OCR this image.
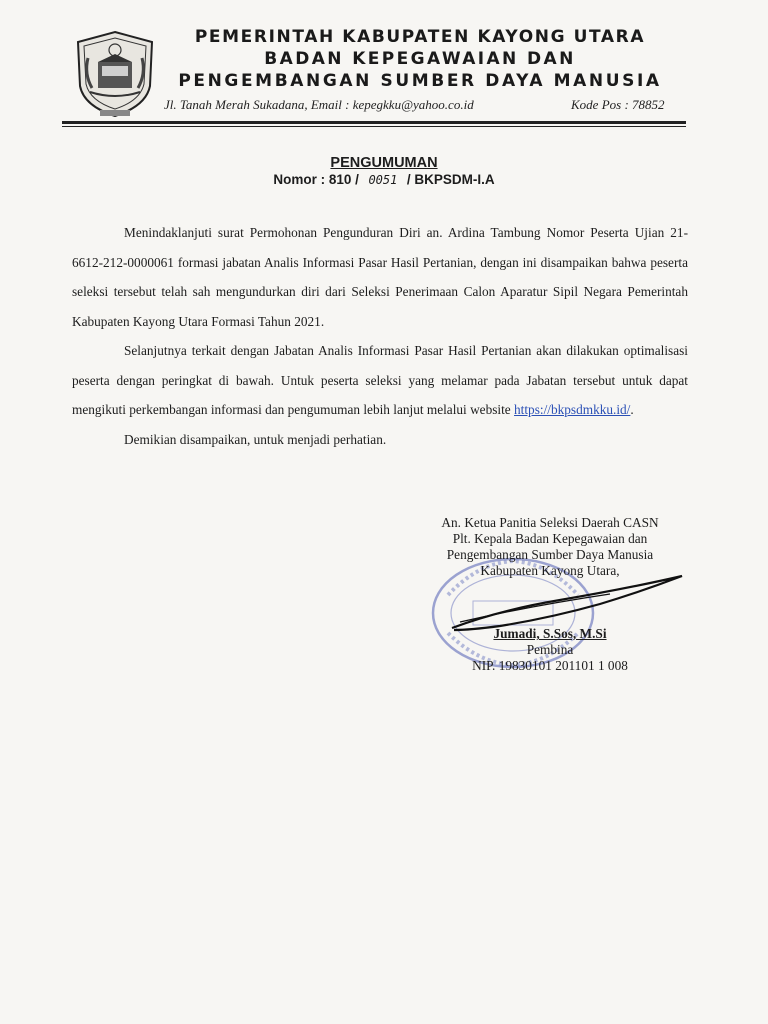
PEMERINTAH KABUPATEN KAYONG UTARA
BADAN KEPEGAWAIAN DAN
PENGEMBANGAN SUMBER DAYA MANUSIA
Jl. Tanah Merah Sukadana, Email : kepegkku@yahoo.co.id	Kode Pos : 78852
PENGUMUMAN
Nomor : 810 / 0051 / BKPSDM-I.A

Menindaklanjuti surat Permohonan Pengunduran Diri an. Ardina Tambung Nomor Peserta Ujian 21-6612-212-0000061 formasi jabatan Analis Informasi Pasar Hasil Pertanian, dengan ini disampaikan bahwa peserta seleksi tersebut telah sah mengundurkan diri dari Seleksi Penerimaan Calon Aparatur Sipil Negara Pemerintah Kabupaten Kayong Utara Formasi Tahun 2021.

Selanjutnya terkait dengan Jabatan Analis Informasi Pasar Hasil Pertanian akan dilakukan optimalisasi peserta dengan peringkat di bawah. Untuk peserta seleksi yang melamar pada Jabatan tersebut untuk dapat mengikuti perkembangan informasi dan pengumuman lebih lanjut melalui website https://bkpsdmkku.id/.

Demikian disampaikan, untuk menjadi perhatian.

An. Ketua Panitia Seleksi Daerah CASN
Plt. Kepala Badan Kepegawaian dan
Pengembangan Sumber Daya Manusia
Kabupaten Kayong Utara,
Jumadi, S.Sos, M.Si
Pembina
NIP. 19830101 201101 1 008
